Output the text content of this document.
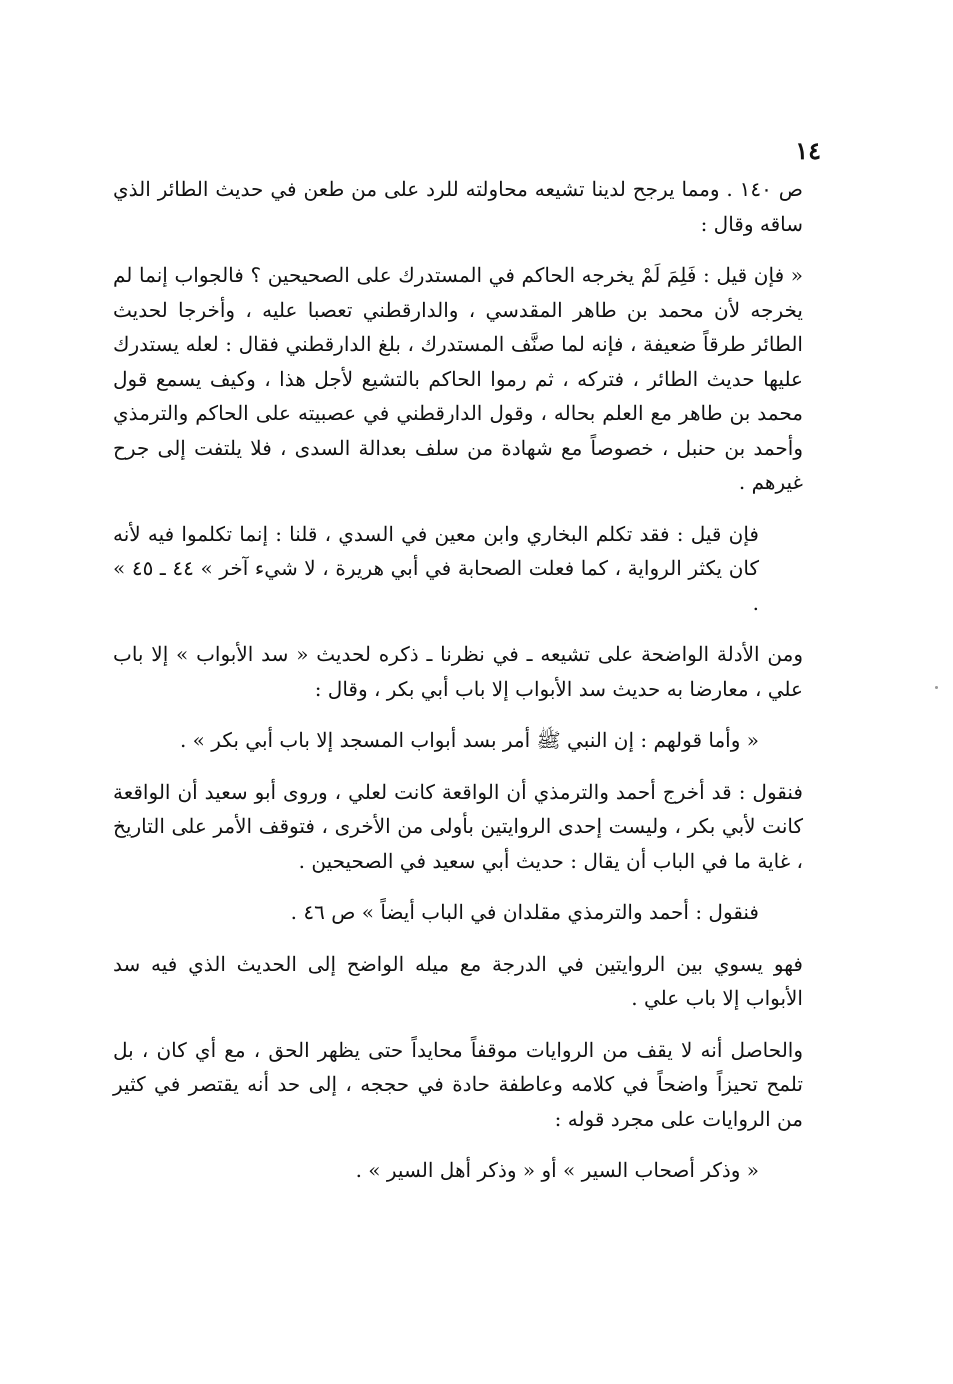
١٤

ص ١٤٠ . ومما يرجح لدينا تشيعه محاولته للرد على من طعن في حديث الطائر الذي ساقه وقال :

« فإن قيل : فَلِمَ لَمْ يخرجه الحاكم في المستدرك على الصحيحين ؟ فالجواب إنما لم يخرجه لأن محمد بن طاهر المقدسي ، والدارقطني تعصبا عليه ، وأخرجا لحديث الطائر طرقاً ضعيفة ، فإنه لما صنَّف المستدرك ، بلغ الدارقطني فقال : لعله يستدرك عليها حديث الطائر ، فتركه ، ثم رموا الحاكم بالتشيع لأجل هذا ، وكيف يسمع قول محمد بن طاهر مع العلم بحاله ، وقول الدارقطني في عصبيته على الحاكم والترمذي وأحمد بن حنبل ، خصوصاً مع شهادة من سلف بعدالة السدى ، فلا يلتفت إلى جرح غيرهم .

فإن قيل : فقد تكلم البخاري وابن معين في السدي ، قلنا : إنما تكلموا فيه لأنه كان يكثر الرواية ، كما فعلت الصحابة في أبي هريرة ، لا شيء آخر » ٤٤ ـ ٤٥ » .

ومن الأدلة الواضحة على تشيعه ـ في نظرنا ـ ذكره لحديث « سد الأبواب » إلا باب علي ، معارضا به حديث سد الأبواب إلا باب أبي بكر ، وقال :

« وأما قولهم : إن النبي ﷺ أمر بسد أبواب المسجد إلا باب أبي بكر » .

فنقول : قد أخرج أحمد والترمذي أن الواقعة كانت لعلي ، وروى أبو سعيد أن الواقعة كانت لأبي بكر ، وليست إحدى الروايتين بأولى من الأخرى ، فتوقف الأمر على التاريخ ، غاية ما في الباب أن يقال : حديث أبي سعيد في الصحيحين .

فنقول : أحمد والترمذي مقلدان في الباب أيضاً » ص ٤٦ .

فهو يسوي بين الروايتين في الدرجة مع ميله الواضح إلى الحديث الذي فيه سد الأبواب إلا باب علي .

والحاصل أنه لا يقف من الروايات موقفاً محايداً حتى يظهر الحق ، مع أي كان ، بل تلمح تحيزاً واضحاً في كلامه وعاطفة حادة في حججه ، إلى حد أنه يقتصر في كثير من الروايات على مجرد قوله :

« وذكر أصحاب السير » أو « وذكر أهل السير » .
